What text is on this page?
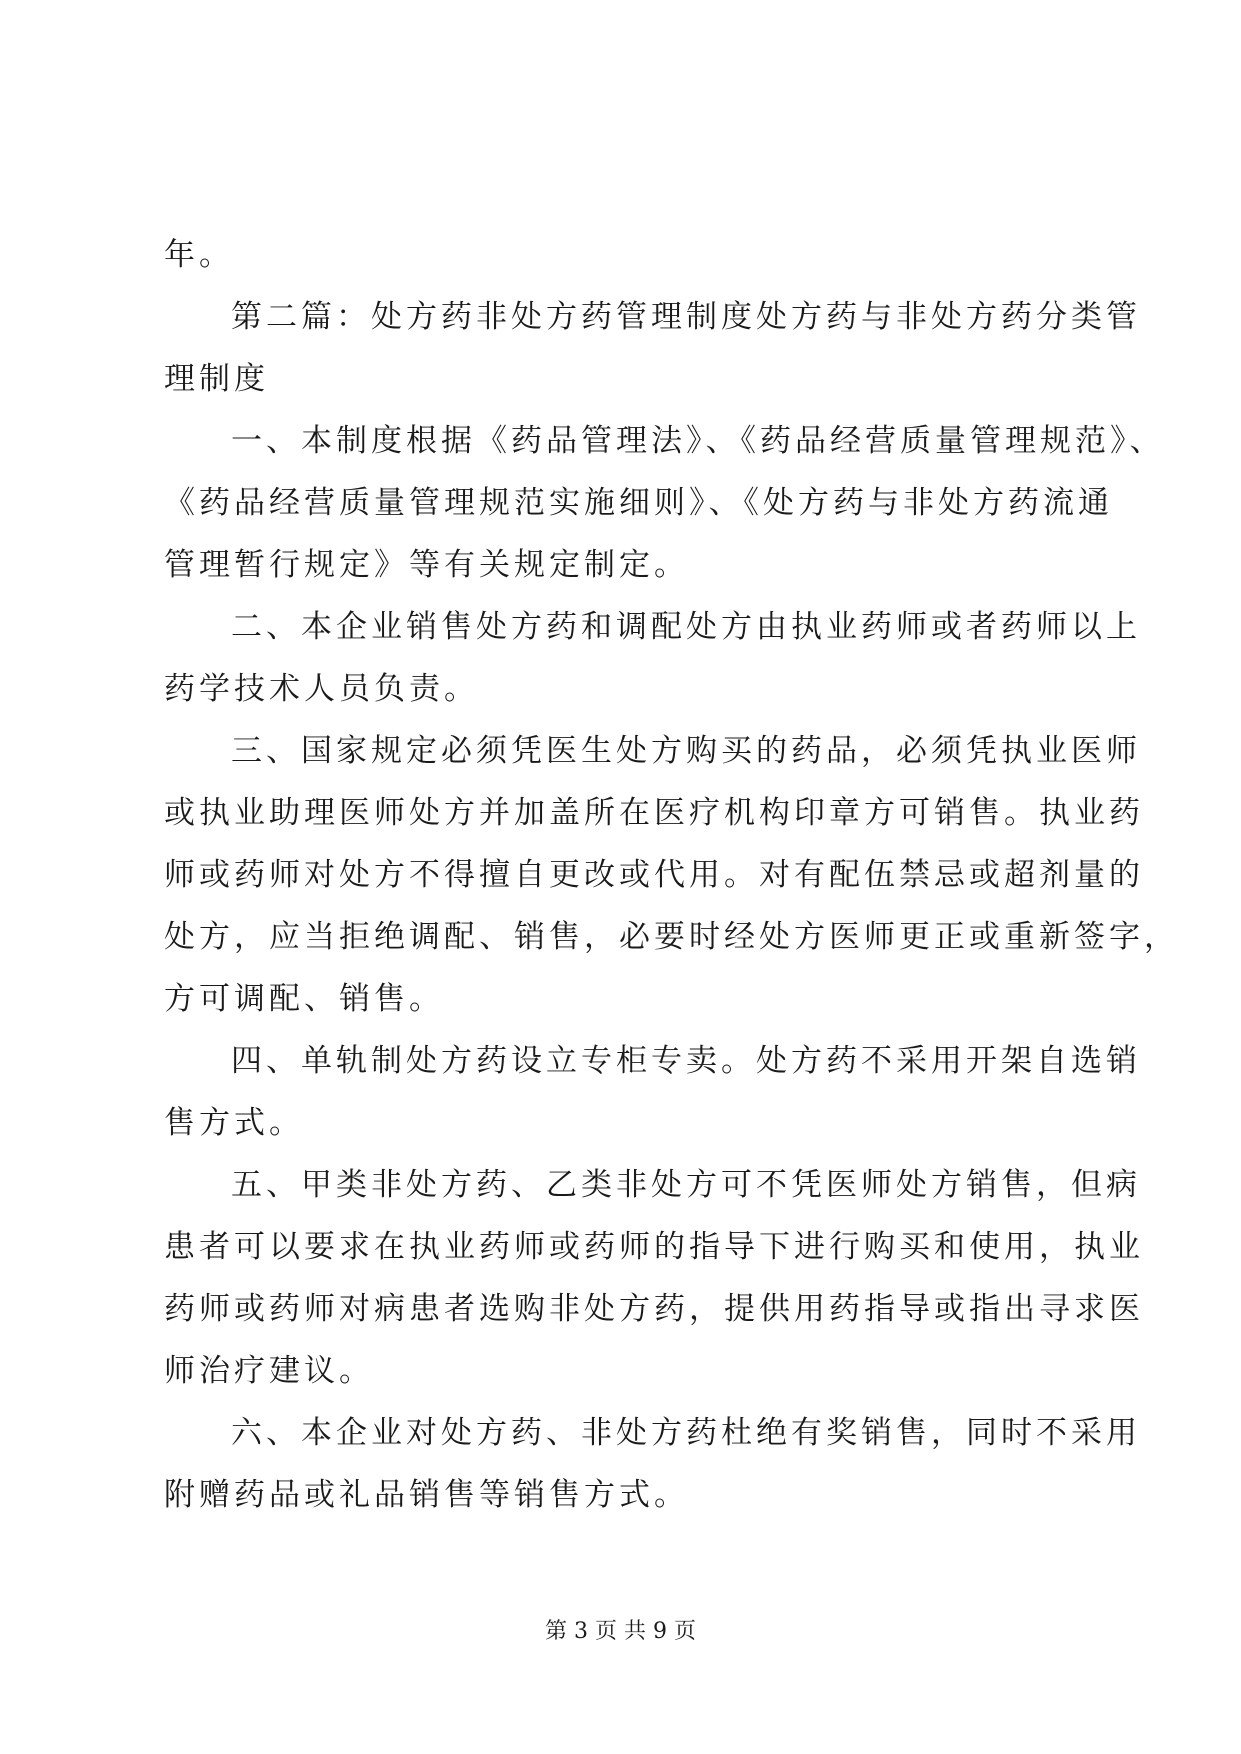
年。
第二篇：处方药非处方药管理制度处方药与非处方药分类管
理制度
一、本制度根据《药品管理法》、《药品经营质量管理规范》、
《药品经营质量管理规范实施细则》、《处方药与非处方药流通
管理暂行规定》等有关规定制定。
二、本企业销售处方药和调配处方由执业药师或者药师以上
药学技术人员负责。
三、国家规定必须凭医生处方购买的药品，必须凭执业医师
或执业助理医师处方并加盖所在医疗机构印章方可销售。执业药
师或药师对处方不得擅自更改或代用。对有配伍禁忌或超剂量的
处方，应当拒绝调配、销售，必要时经处方医师更正或重新签字，
方可调配、销售。
四、单轨制处方药设立专柜专卖。处方药不采用开架自选销
售方式。
五、甲类非处方药、乙类非处方可不凭医师处方销售，但病
患者可以要求在执业药师或药师的指导下进行购买和使用，执业
药师或药师对病患者选购非处方药，提供用药指导或指出寻求医
师治疗建议。
六、本企业对处方药、非处方药杜绝有奖销售，同时不采用
附赠药品或礼品销售等销售方式。
第 3 页 共 9 页
